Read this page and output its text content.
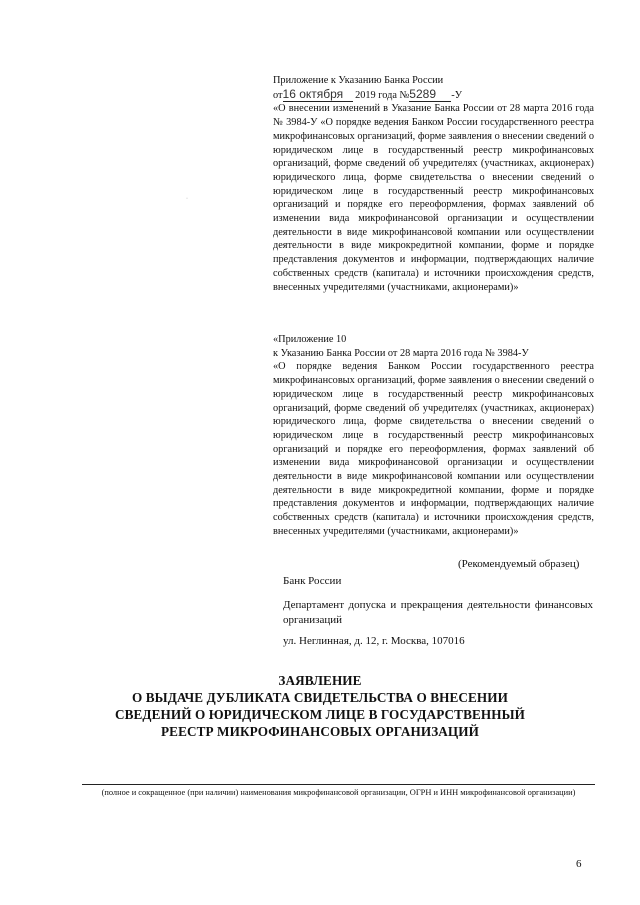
Приложение к Указанию Банка России
от16 октября 2019 года №5289 -У
«О внесении изменений в Указание Банка России от 28 марта 2016 года № 3984-У «О порядке ведения Банком России государственного реестра микрофинансовых организаций, форме заявления о внесении сведений о юридическом лице в государственный реестр микрофинансовых организаций, форме сведений об учредителях (участниках, акционерах) юридического лица, форме свидетельства о внесении сведений о юридическом лице в государственный реестр микрофинансовых организаций и порядке его переоформления, формах заявлений об изменении вида микрофинансовой организации и осуществлении деятельности в виде микрофинансовой компании или осуществлении деятельности в виде микрокредитной компании, форме и порядке представления документов и информации, подтверждающих наличие собственных средств (капитала) и источники происхождения средств, внесенных учредителями (участниками, акционерами)»
·
«Приложение 10
к Указанию Банка России от 28 марта 2016 года № 3984-У
«О порядке ведения Банком России государственного реестра микрофинансовых организаций, форме заявления о внесении сведений о юридическом лице в государственный реестр микрофинансовых организаций, форме сведений об учредителях (участниках, акционерах) юридического лица, форме свидетельства о внесении сведений о юридическом лице в государственный реестр микрофинансовых организаций и порядке его переоформления, формах заявлений об изменении вида микрофинансовой организации и осуществлении деятельности в виде микрофинансовой компании или осуществлении деятельности в виде микрокредитной компании, форме и порядке представления документов и информации, подтверждающих наличие собственных средств (капитала) и источники происхождения средств, внесенных учредителями (участниками, акционерами)»
(Рекомендуемый образец)
Банк России
Департамент допуска и прекращения деятельности финансовых организаций
ул. Неглинная, д. 12, г. Москва, 107016
ЗАЯВЛЕНИЕ
О ВЫДАЧЕ ДУБЛИКАТА СВИДЕТЕЛЬСТВА О ВНЕСЕНИИ
СВЕДЕНИЙ О ЮРИДИЧЕСКОМ ЛИЦЕ В ГОСУДАРСТВЕННЫЙ
РЕЕСТР МИКРОФИНАНСОВЫХ ОРГАНИЗАЦИЙ
(полное и сокращенное (при наличии) наименования микрофинансовой организации, ОГРН и ИНН микрофинансовой организации)
6
